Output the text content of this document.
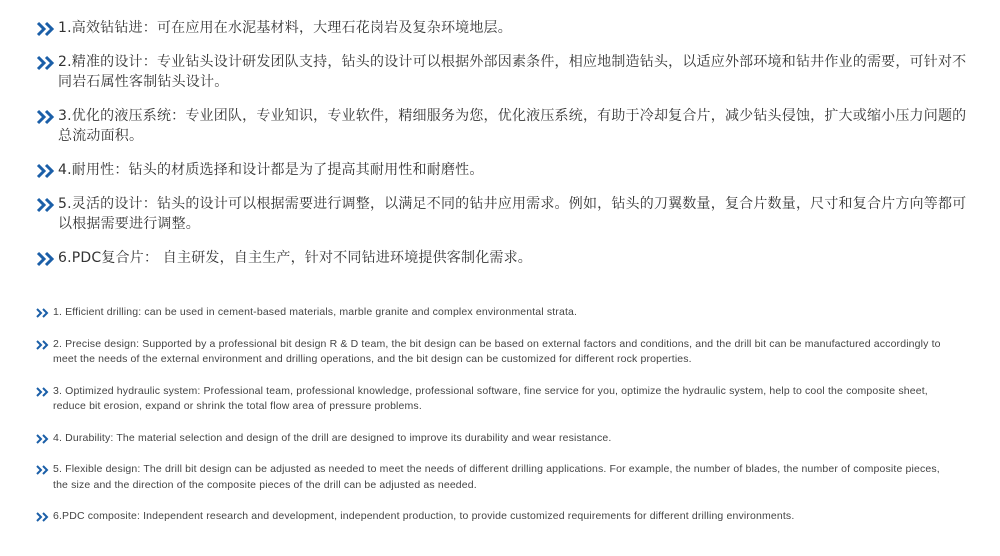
1.高效钻钻进：可在应用在水泥基材料，大理石花岗岩及复杂环境地层。
2.精准的设计：专业钻头设计研发团队支持，钻头的设计可以根据外部因素条件，相应地制造钻头，以适应外部环境和钻井作业的需要，可针对不同岩石属性客制钻头设计。
3.优化的液压系统：专业团队，专业知识，专业软件，精细服务为您，优化液压系统，有助于冷却复合片，减少钻头侵蚀，扩大或缩小压力问题的总流动面积。
4.耐用性：钻头的材质选择和设计都是为了提高其耐用性和耐磨性。
5.灵活的设计：钻头的设计可以根据需要进行调整，以满足不同的钻井应用需求。例如，钻头的刀翼数量，复合片数量，尺寸和复合片方向等都可以根据需要进行调整。
6.PDC复合片： 自主研发，自主生产，针对不同钻进环境提供客制化需求。
1. Efficient drilling: can be used in cement-based materials, marble granite and complex environmental strata.
2. Precise design: Supported by a professional bit design R & D team, the bit design can be based on external factors and conditions, and the drill bit can be manufactured accordingly to meet the needs of the external environment and drilling operations, and the bit design can be customized for different rock properties.
3. Optimized hydraulic system: Professional team, professional knowledge, professional software, fine service for you, optimize the hydraulic system, help to cool the composite sheet, reduce bit erosion, expand or shrink the total flow area of pressure problems.
4. Durability: The material selection and design of the drill are designed to improve its durability and wear resistance.
5. Flexible design: The drill bit design can be adjusted as needed to meet the needs of different drilling applications. For example, the number of blades, the number of composite pieces, the size and the direction of the composite pieces of the drill can be adjusted as needed.
6.PDC composite: Independent research and development, independent production, to provide customized requirements for different drilling environments.
